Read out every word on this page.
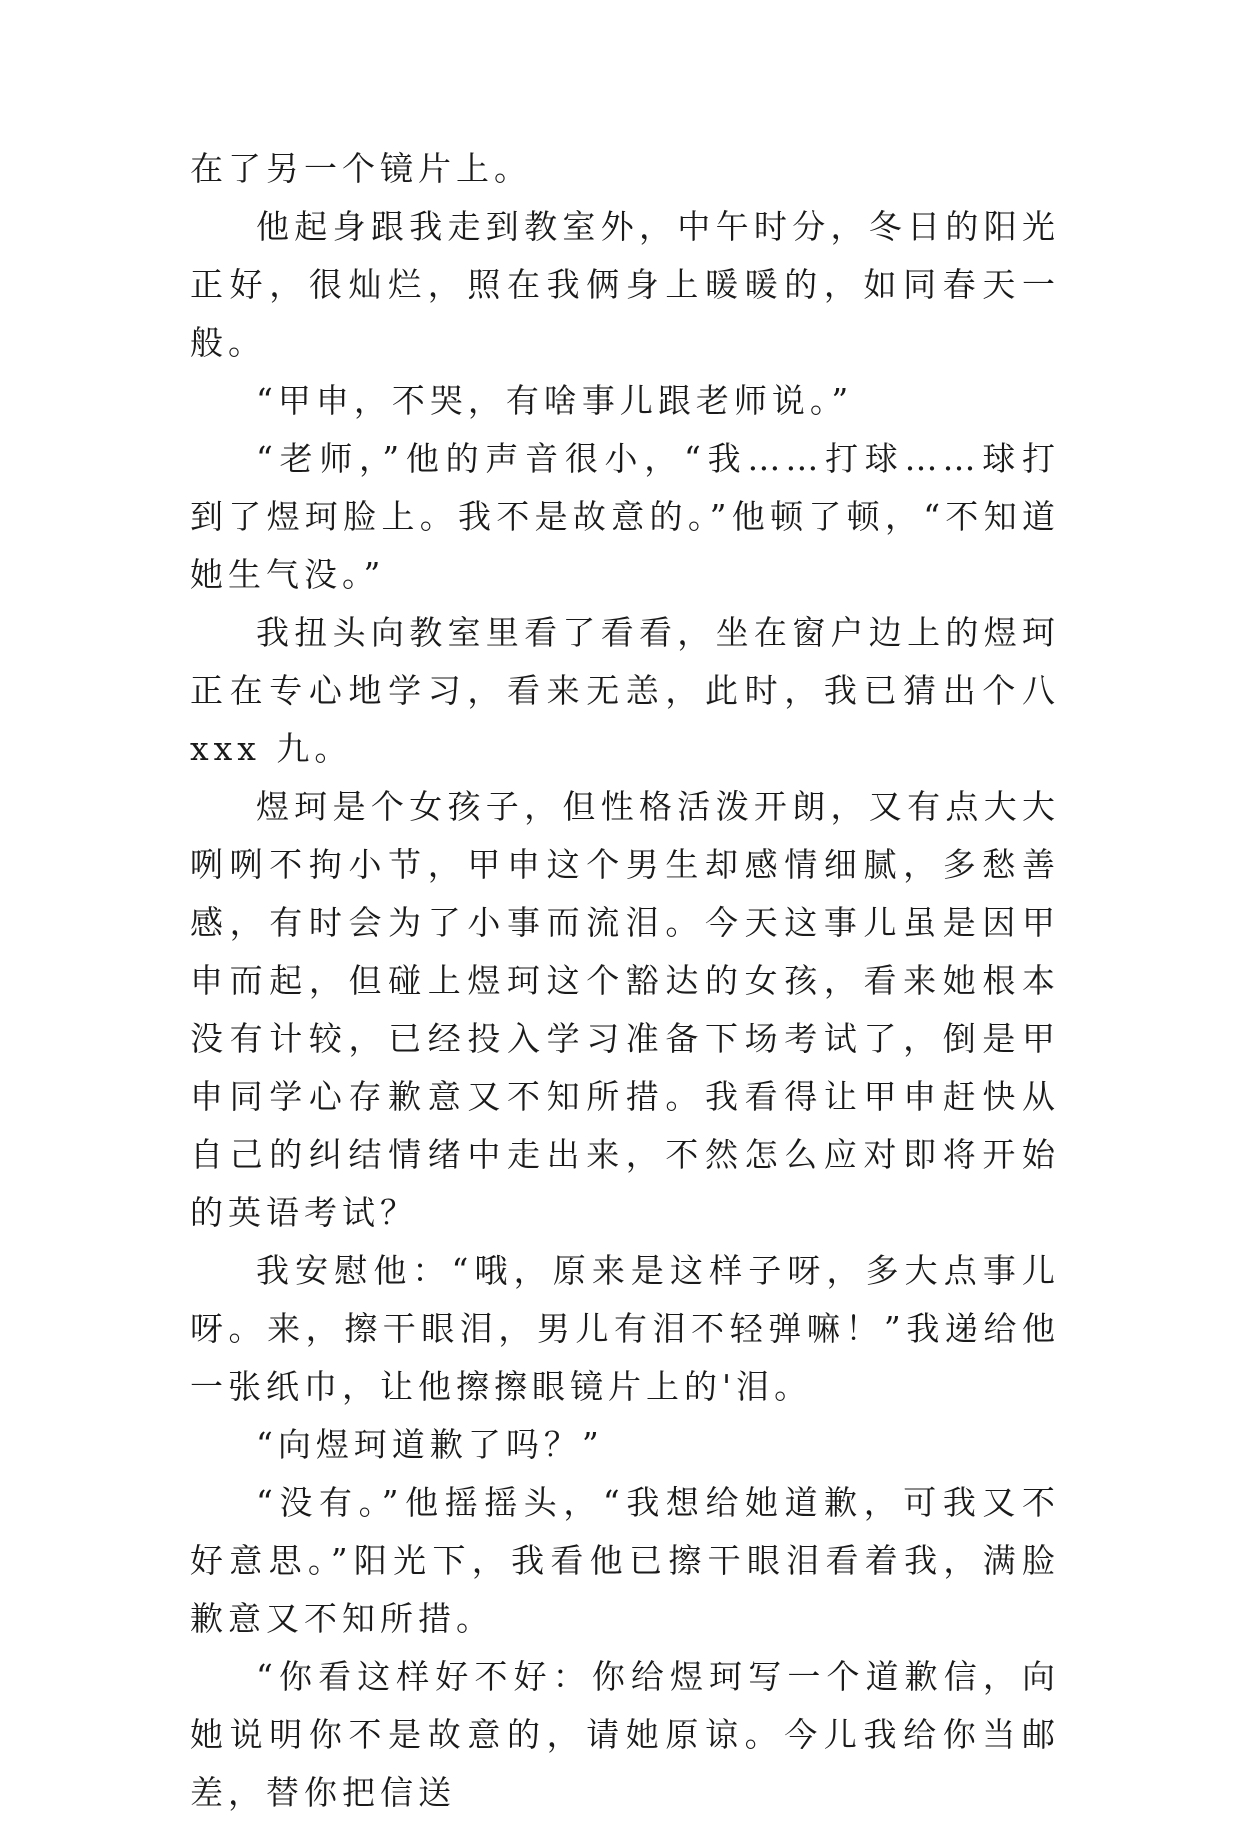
在了另一个镜片上。

他起身跟我走到教室外，中午时分，冬日的阳光正好，很灿烂，照在我俩身上暖暖的，如同春天一般。

“甲申，不哭，有啥事儿跟老师说。”

“老师，”他的声音很小，“我……打球……球打到了煜珂脸上。我不是故意的。”他顿了顿，“不知道她生气没。”

我扭头向教室里看了看看，坐在窗户边上的煜珂正在专心地学习，看来无恙，此时，我已猜出个八 xxx 九。

煜珂是个女孩子，但性格活泼开朗，又有点大大咧咧不拘小节，甲申这个男生却感情细腻，多愁善感，有时会为了小事而流泪。今天这事儿虽是因甲申而起，但碰上煜珂这个豁达的女孩，看来她根本没有计较，已经投入学习准备下场考试了，倒是甲申同学心存歉意又不知所措。我看得让甲申赶快从自己的纠结情绪中走出来，不然怎么应对即将开始的英语考试？

我安慰他：“哦，原来是这样子呀，多大点事儿呀。来，擦干眼泪，男儿有泪不轻弹嘛！”我递给他一张纸巾，让他擦擦眼镜片上的'泪。

“向煜珂道歉了吗？”

“没有。”他摇摇头，“我想给她道歉，可我又不好意思。”阳光下，我看他已擦干眼泪看着我，满脸歉意又不知所措。

“你看这样好不好：你给煜珂写一个道歉信，向她说明你不是故意的，请她原谅。今儿我给你当邮差，替你把信送
